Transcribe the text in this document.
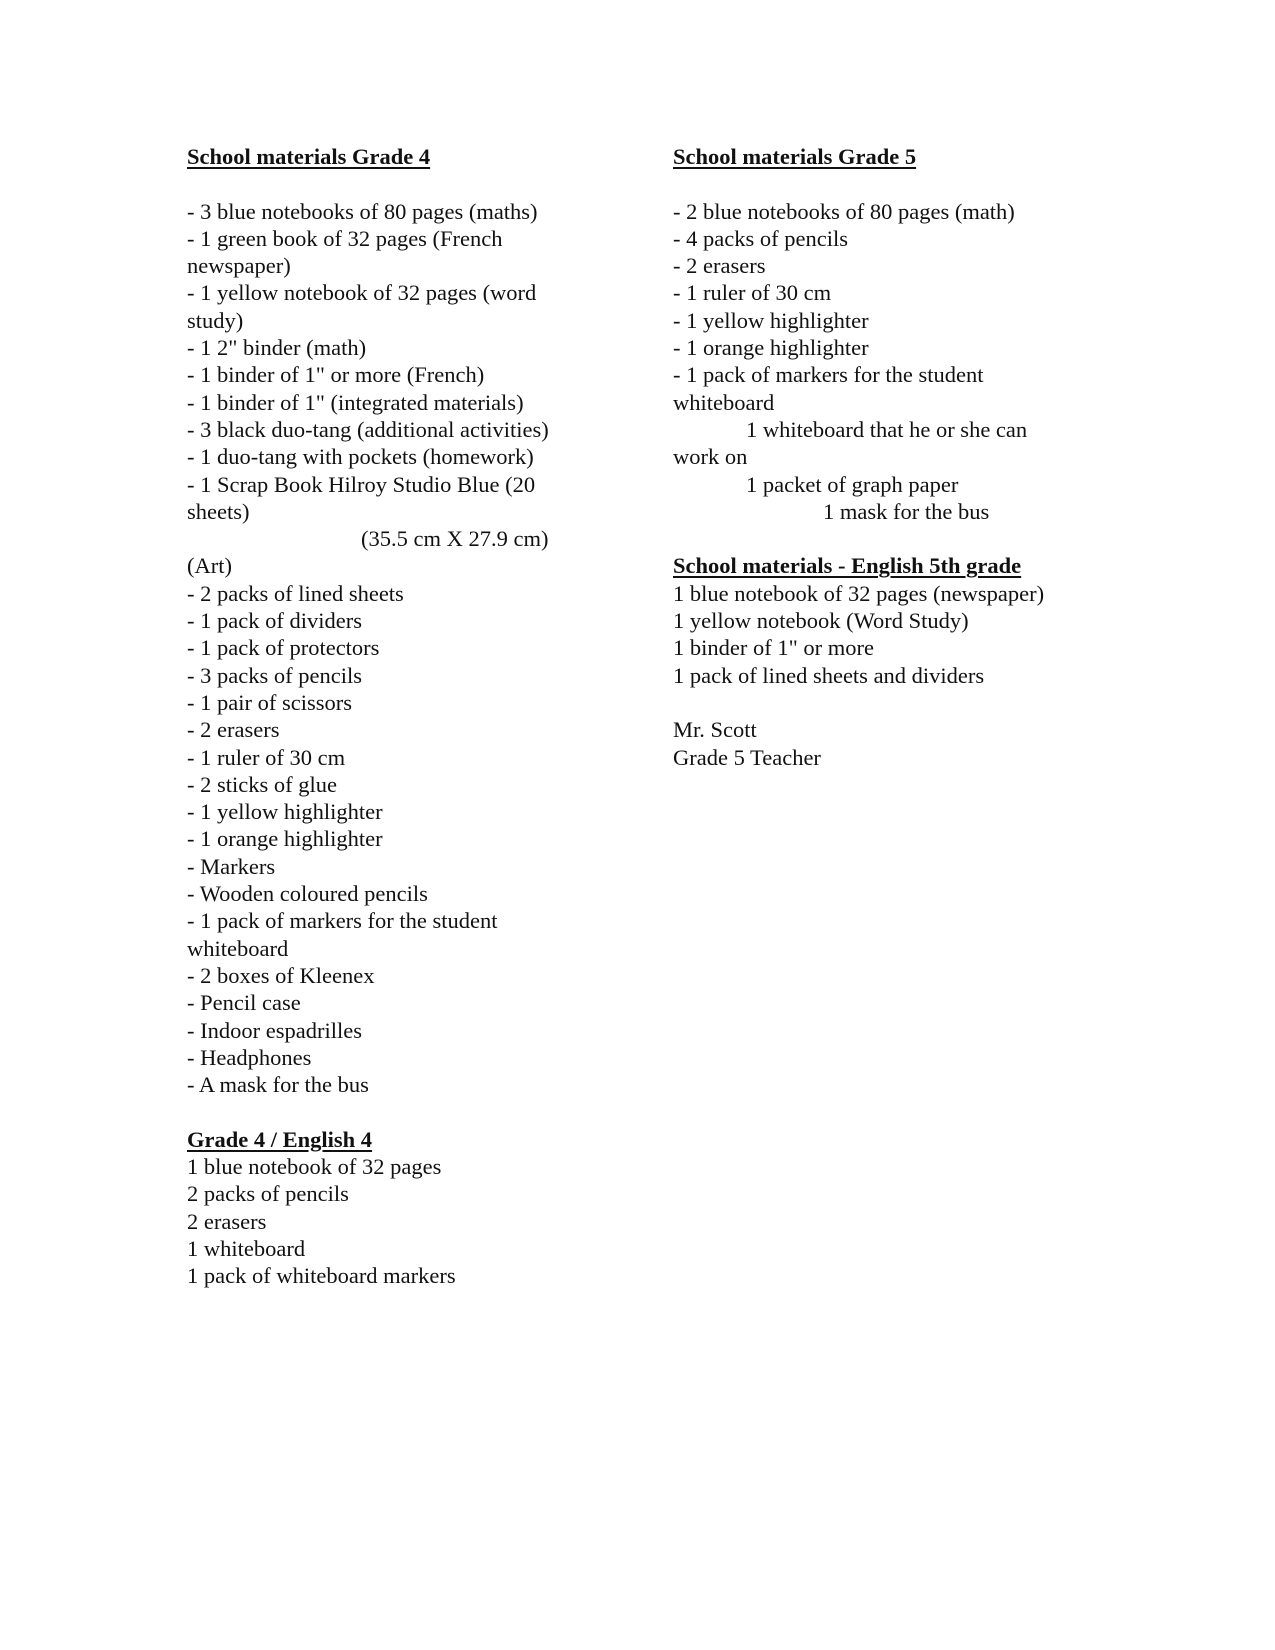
School materials Grade 4
- 3 blue notebooks of 80 pages (maths)
- 1 green book of 32 pages (French
newspaper)
- 1 yellow notebook of 32 pages (word
study)
- 1 2" binder (math)
- 1 binder of 1" or more (French)
- 1 binder of 1" (integrated materials)
- 3 black duo-tang (additional activities)
- 1 duo-tang with pockets (homework)
- 1 Scrap Book Hilroy Studio Blue (20
sheets)
(35.5 cm X 27.9 cm)
(Art)
- 2 packs of lined sheets
- 1 pack of dividers
- 1 pack of protectors
- 3 packs of pencils
- 1 pair of scissors
- 2 erasers
- 1 ruler of 30 cm
- 2 sticks of glue
- 1 yellow highlighter
- 1 orange highlighter
- Markers
- Wooden coloured pencils
- 1 pack of markers for the student
whiteboard
- 2 boxes of Kleenex
- Pencil case
- Indoor espadrilles
- Headphones
- A mask for the bus
Grade 4 / English 4
1 blue notebook of 32 pages
2 packs of pencils
2 erasers
1 whiteboard
1 pack of whiteboard markers
School materials Grade 5
- 2 blue notebooks of 80 pages (math)
- 4 packs of pencils
- 2 erasers
- 1 ruler of 30 cm
- 1 yellow highlighter
- 1 orange highlighter
- 1 pack of markers for the student
whiteboard
1 whiteboard that he or she can
work on
1 packet of graph paper
1 mask for the bus
School materials - English 5th grade
1 blue notebook of 32 pages (newspaper)
1 yellow notebook (Word Study)
1 binder of 1" or more
1 pack of lined sheets and dividers
Mr. Scott
Grade 5 Teacher
